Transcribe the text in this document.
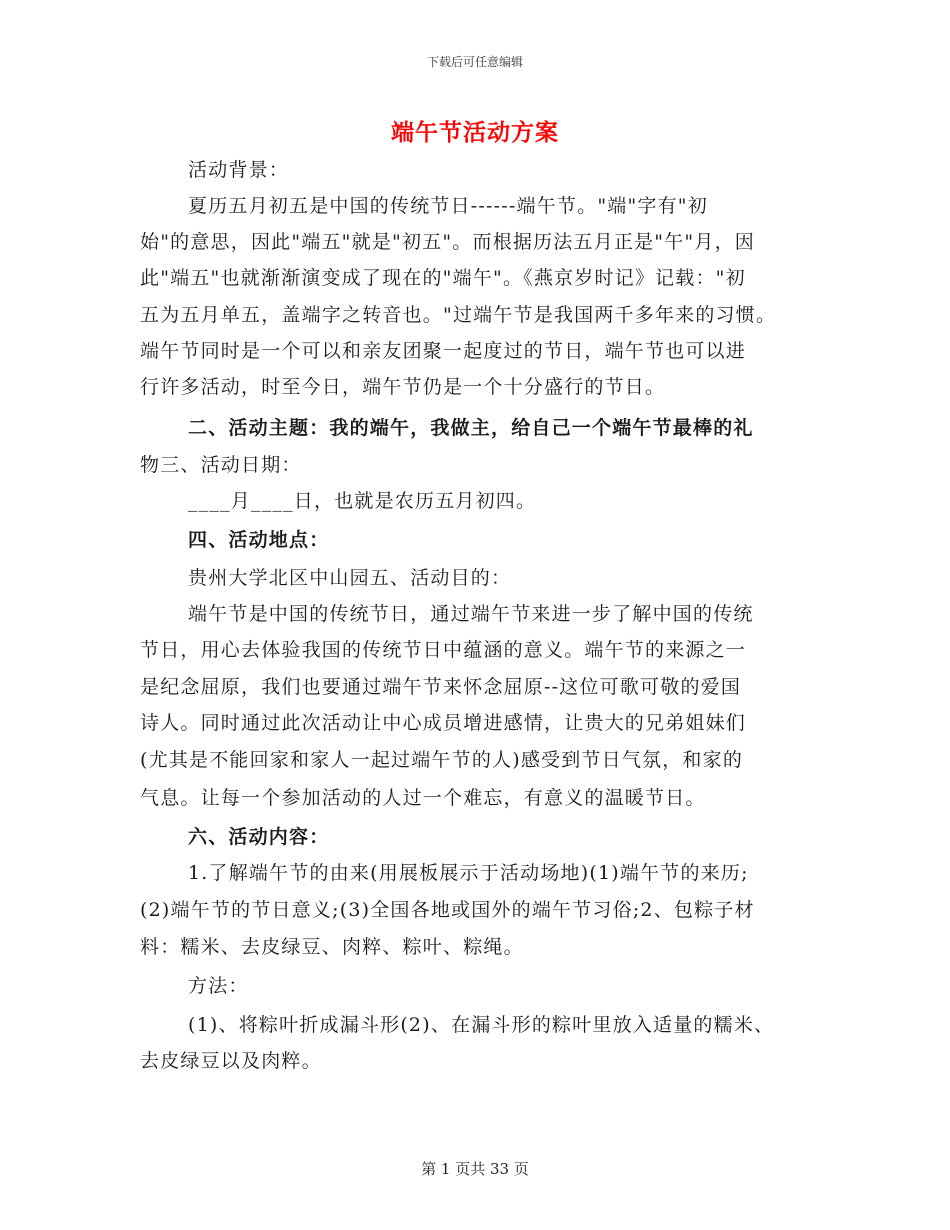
下载后可任意编辑
端午节活动方案
活动背景：
夏历五月初五是中国的传统节日------端午节。"端"字有"初
始"的意思，因此"端五"就是"初五"。而根据历法五月正是"午"月，因
此"端五"也就渐渐演变成了现在的"端午"。《燕京岁时记》记载："初
五为五月单五，盖端字之转音也。"过端午节是我国两千多年来的习惯。
端午节同时是一个可以和亲友团聚一起度过的节日，端午节也可以进
行许多活动，时至今日，端午节仍是一个十分盛行的节日。
二、活动主题：我的端午，我做主，给自己一个端午节最棒的礼
物三、活动日期：
____月____日，也就是农历五月初四。
四、活动地点：
贵州大学北区中山园五、活动目的：
端午节是中国的传统节日，通过端午节来进一步了解中国的传统
节日，用心去体验我国的传统节日中蕴涵的意义。端午节的来源之一
是纪念屈原，我们也要通过端午节来怀念屈原--这位可歌可敬的爱国
诗人。同时通过此次活动让中心成员增进感情，让贵大的兄弟姐妹们
(尤其是不能回家和家人一起过端午节的人)感受到节日气氛，和家的
气息。让每一个参加活动的人过一个难忘，有意义的温暖节日。
六、活动内容：
1.了解端午节的由来(用展板展示于活动场地)(1)端午节的来历;
(2)端午节的节日意义;(3)全国各地或国外的端午节习俗;2、包粽子材
料：糯米、去皮绿豆、肉粹、粽叶、粽绳。
方法：
(1)、将粽叶折成漏斗形(2)、在漏斗形的粽叶里放入适量的糯米、
去皮绿豆以及肉粹。
第 1 页共 33 页
